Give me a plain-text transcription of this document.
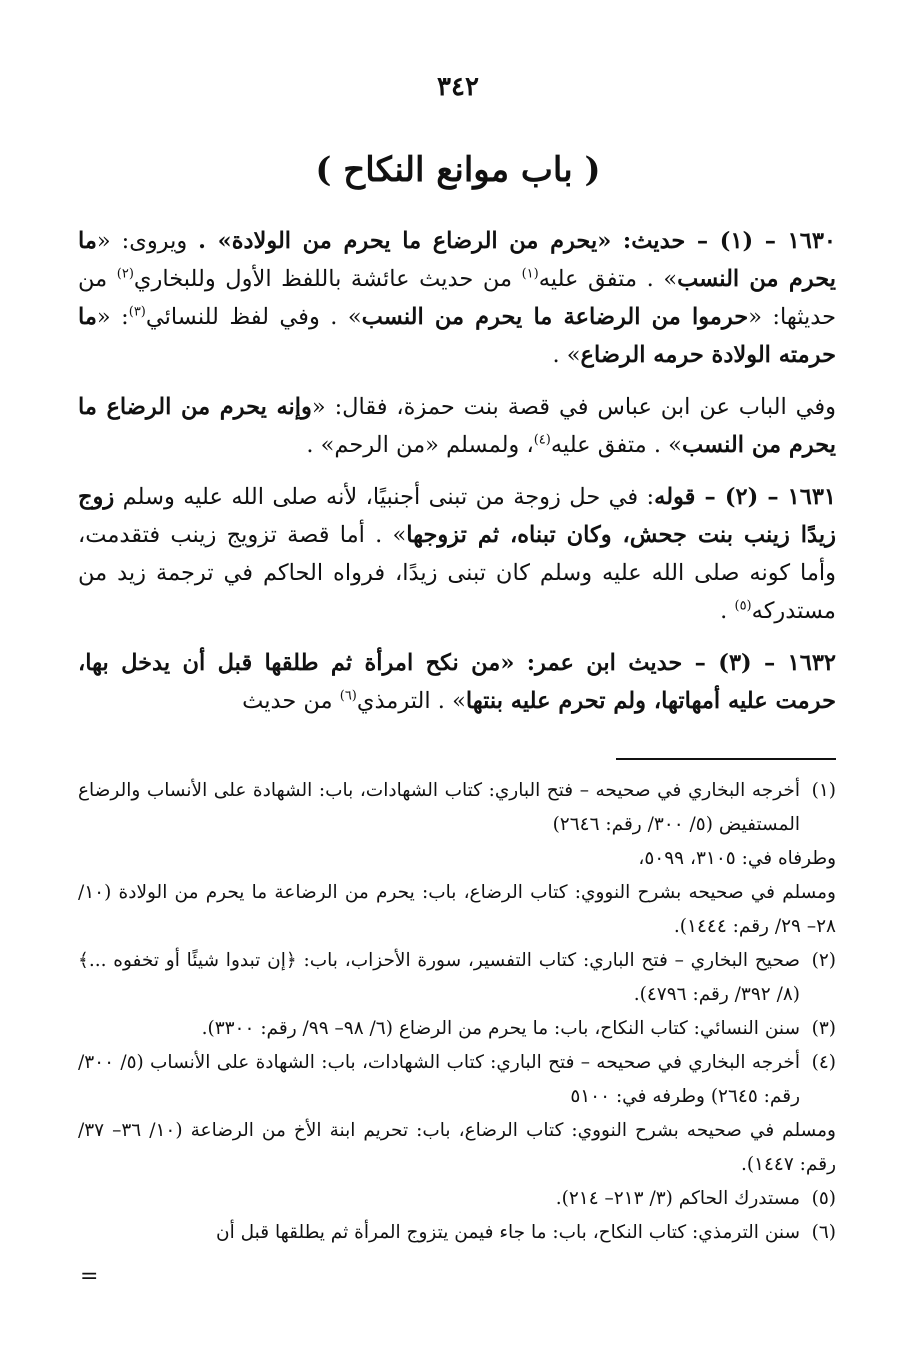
٣٤٢
( باب موانع النكاح )

١٦٣٠ – (١) – حديث: «يحرم من الرضاع ما يحرم من الولادة» . ويروى: «ما يحرم من النسب» . متفق عليه$^{(١)}$ من حديث عائشة باللفظ الأول وللبخاري$^{(٢)}$ من حديثها: «حرموا من الرضاعة ما يحرم من النسب» . وفي لفظ للنسائي$^{(٣)}$: «ما حرمته الولادة حرمه الرضاع» .

وفي الباب عن ابن عباس في قصة بنت حمزة، فقال: «وإنه يحرم من الرضاع ما يحرم من النسب» . متفق عليه$^{(٤)}$، ولمسلم «من الرحم» .

١٦٣١ – (٢) – قوله: في حل زوجة من تبنى أجنبيًا، لأنه صلى الله عليه وسلم زوج زيدًا زينب بنت جحش، وكان تبناه، ثم تزوجها» . أما قصة تزويج زينب فتقدمت، وأما كونه صلى الله عليه وسلم كان تبنى زيدًا، فرواه الحاكم في ترجمة زيد من مستدركه$^{(٥)}$ .

١٦٣٢ – (٣) – حديث ابن عمر: «من نكح امرأة ثم طلقها قبل أن يدخل بها، حرمت عليه أمهاتها، ولم تحرم عليه بنتها» . الترمذي$^{(٦)}$ من حديث

(١)
أخرجه البخاري في صحيحه – فتح الباري: كتاب الشهادات، باب: الشهادة على الأنساب والرضاع المستفيض (٥/ ٣٠٠/ رقم: ٢٦٤٦)

وطرفاه في: ٣١٠٥، ٥٠٩٩،

ومسلم في صحيحه بشرح النووي: كتاب الرضاع، باب: يحرم من الرضاعة ما يحرم من الولادة (١٠/ ٢٨– ٢٩/ رقم: ١٤٤٤).

(٢)
صحيح البخاري – فتح الباري: كتاب التفسير، سورة الأحزاب، باب: ﴿إن تبدوا شيئًا أو تخفوه ...﴾ (٨/ ٣٩٢/ رقم: ٤٧٩٦).

(٣)
سنن النسائي: كتاب النكاح، باب: ما يحرم من الرضاع (٦/ ٩٨– ٩٩/ رقم: ٣٣٠٠).

(٤)
أخرجه البخاري في صحيحه – فتح الباري: كتاب الشهادات، باب: الشهادة على الأنساب (٥/ ٣٠٠/ رقم: ٢٦٤٥) وطرفه في: ٥١٠٠

ومسلم في صحيحه بشرح النووي: كتاب الرضاع، باب: تحريم ابنة الأخ من الرضاعة (١٠/ ٣٦– ٣٧/ رقم: ١٤٤٧).

(٥)
مستدرك الحاكم (٣/ ٢١٣– ٢١٤).

(٦)
سنن الترمذي: كتاب النكاح، باب: ما جاء فيمن يتزوج المرأة ثم يطلقها قبل أن

=
